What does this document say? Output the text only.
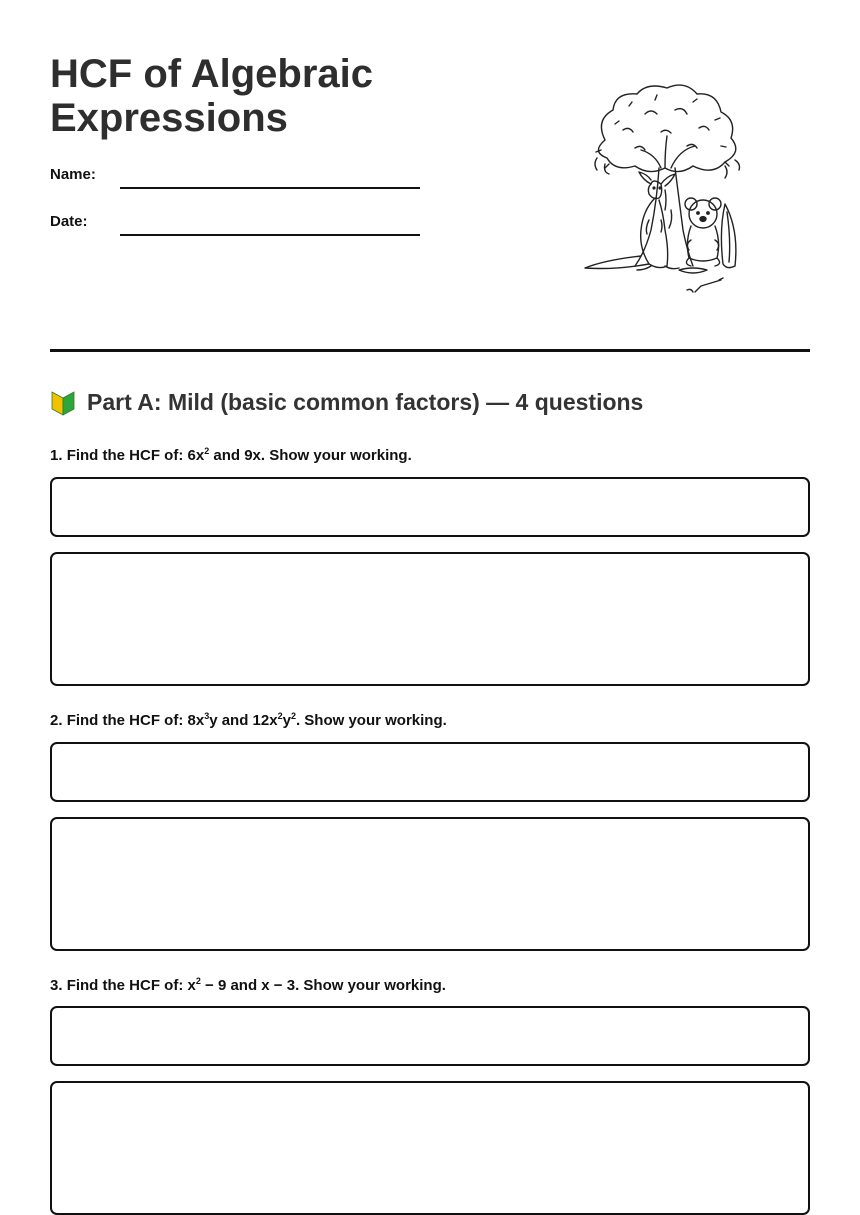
HCF of Algebraic Expressions
Name:
Date:
Part A: Mild (basic common factors) — 4 questions
1. Find the HCF of: $6x^2$ and 9x. Show your working.
2. Find the HCF of: $8x^3y$ and $12x^2y^2$. Show your working.
3. Find the HCF of: $x^2 - 9$ and x − 3. Show your working.
